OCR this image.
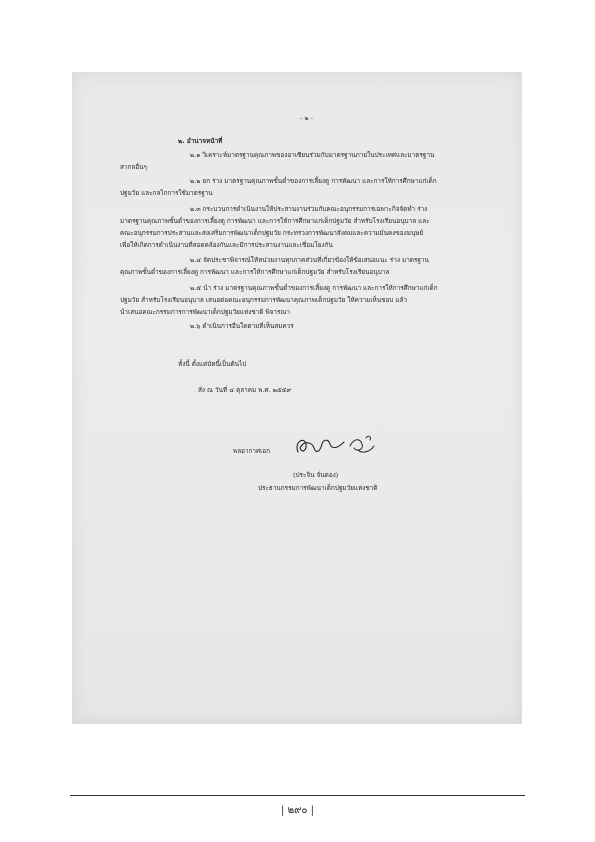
- ๒ -
๒. อำนาจหน้าที่
๒.๑ วิเคราะห์มาตรฐานคุณภาพของอาเซียนร่วมกับมาตรฐานภายในประเทศและมาตรฐาน
สากลอื่นๆ
๒.๒ ยก ร่าง มาตรฐานคุณภาพขั้นต่ำของการเลี้ยงดู การพัฒนา และการให้การศึกษาแก่เด็ก
ปฐมวัย และกลไกการใช้มาตรฐาน
๒.๓ กระบวนการดำเนินงานให้ประสานงานร่วมกับคณะอนุกรรมการเฉพาะกิจจัดทำ ร่าง
มาตรฐานคุณภาพขั้นต่ำของการเลี้ยงดู การพัฒนา และการให้การศึกษาแก่เด็กปฐมวัย สำหรับโรงเรียนอนุบาล และ
คณะอนุกรรมการประสานและส่งเสริมการพัฒนาเด็กปฐมวัย กระทรวงการพัฒนาสังคมและความมั่นคงของมนุษย์
เพื่อให้เกิดการดำเนินงานที่สอดคล้องกันและมีการประสานงานและเชื่อมโยงกัน
๒.๔ จัดประชาพิจารณ์ให้หน่วยงานทุกภาคส่วนที่เกี่ยวข้องให้ข้อเสนอแนะ ร่าง มาตรฐาน
คุณภาพขั้นต่ำของการเลี้ยงดู การพัฒนา และการให้การศึกษาแก่เด็กปฐมวัย สำหรับโรงเรียนอนุบาล
๒.๕ นำ ร่าง มาตรฐานคุณภาพขั้นต่ำของการเลี้ยงดู การพัฒนา และการให้การศึกษาแก่เด็ก
ปฐมวัย สำหรับโรงเรียนอนุบาล เสนอต่อคณะอนุกรรมการพัฒนาคุณภาพเด็กปฐมวัย ให้ความเห็นชอบ แล้ว
นำเสนอคณะกรรมการการพัฒนาเด็กปฐมวัยแห่งชาติ พิจารณา
๒.๖ ดำเนินการอื่นใดตามที่เห็นสมควร
ทั้งนี้ ตั้งแต่บัดนี้เป็นต้นไป
สั่ง ณ วันที่ ๔ ตุลาคม พ.ศ. ๒๕๕๙
พลอากาศเอก
(ประจิน จั่นตอง)
ประธานกรรมการพัฒนาเด็กปฐมวัยแห่งชาติ
| ๒๙๐ |
